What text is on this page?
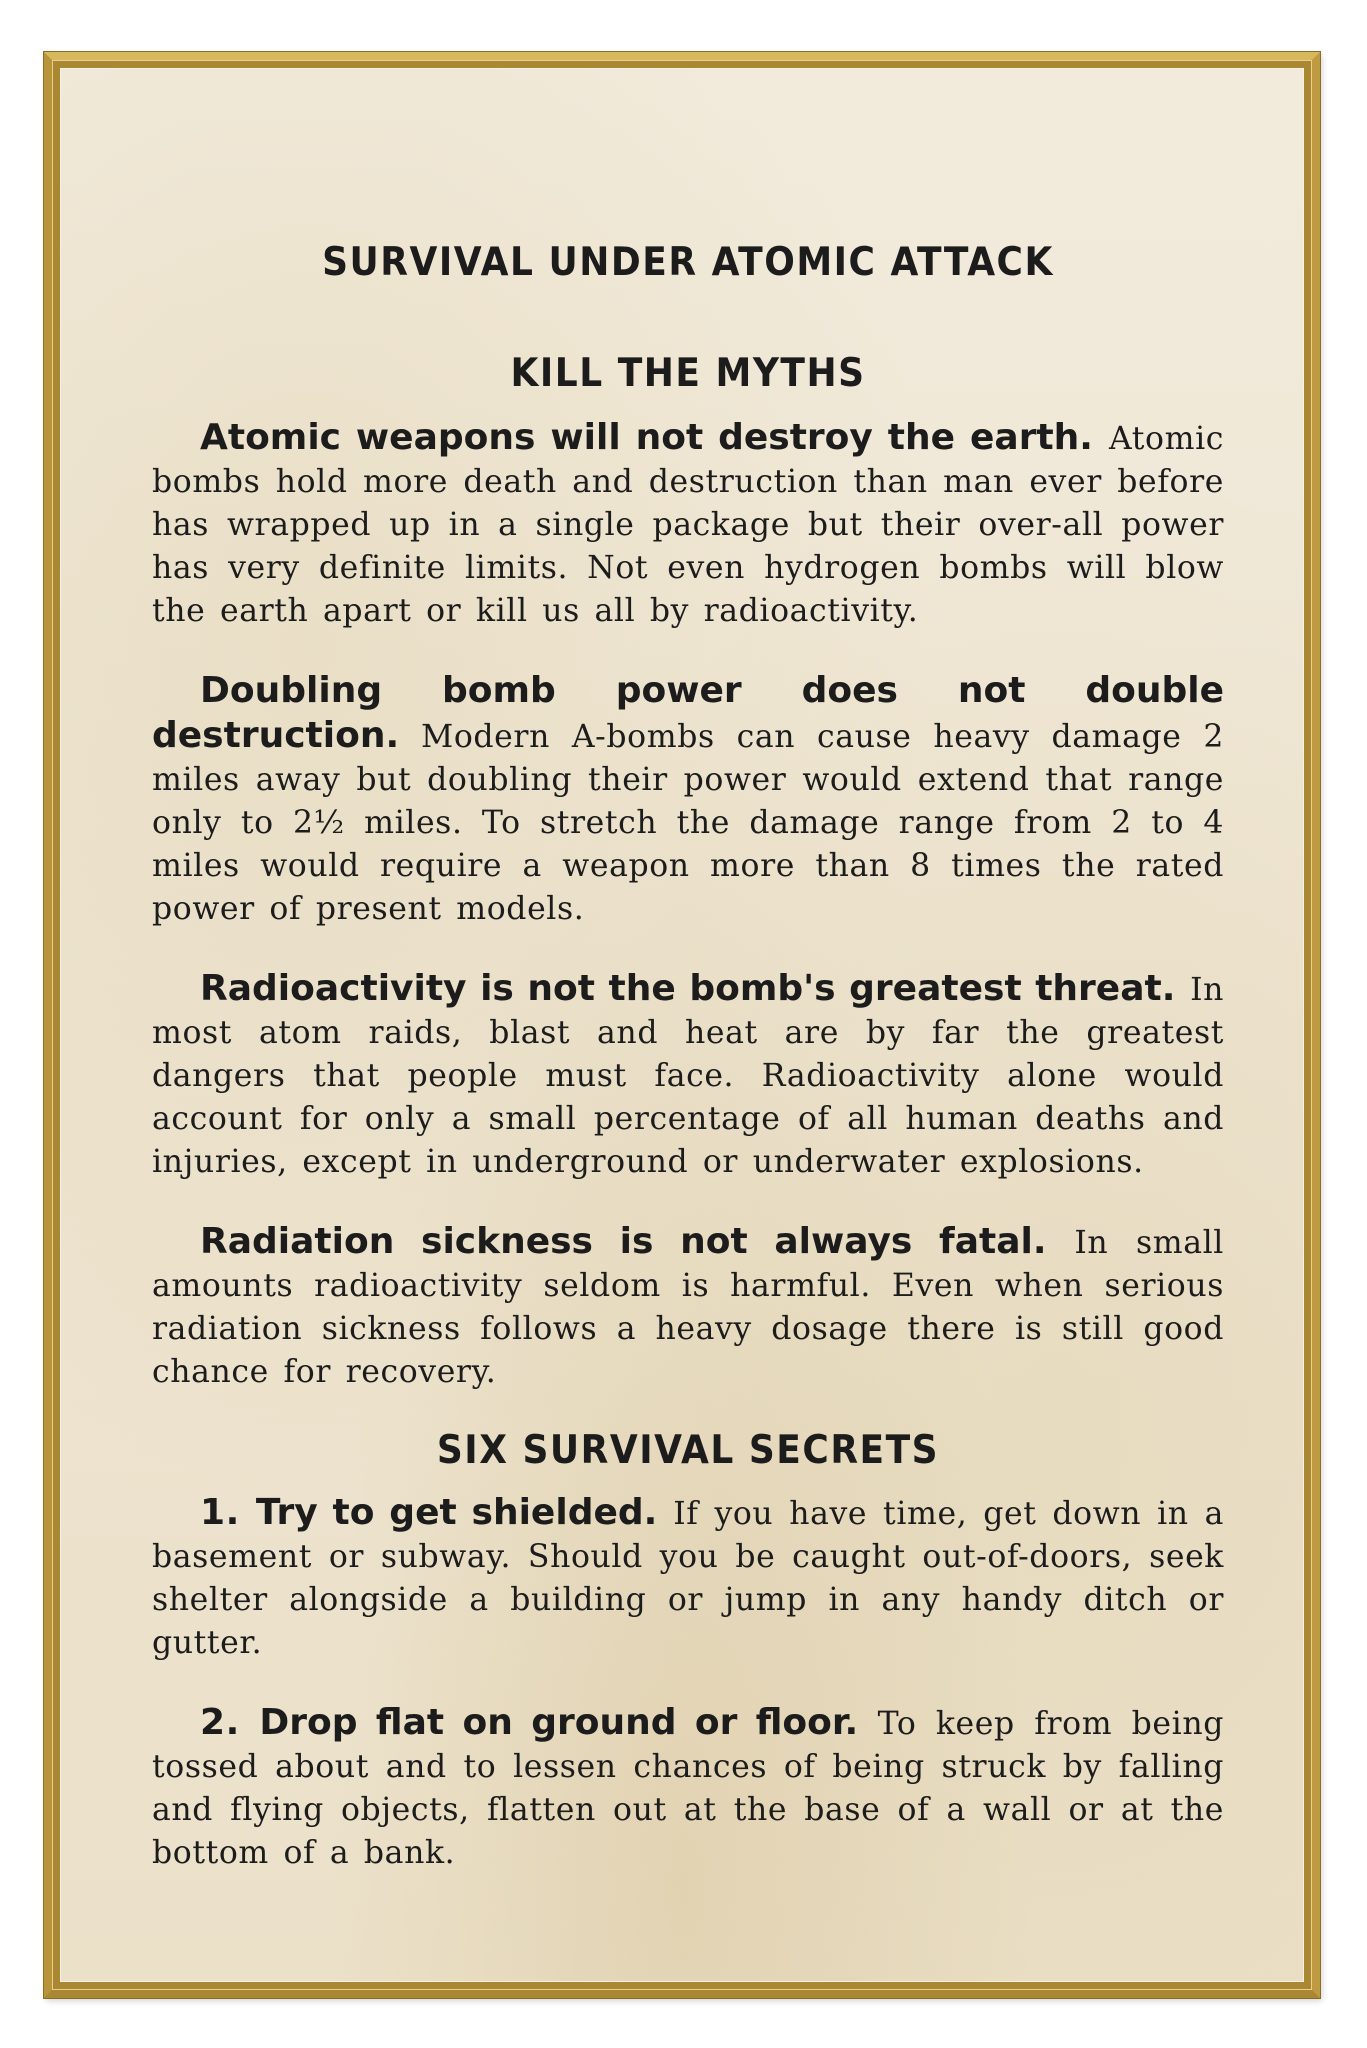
SURVIVAL UNDER ATOMIC ATTACK
KILL THE MYTHS

Atomic weapons will not destroy the earth. Atomic bombs hold more death and destruction than man ever before has wrapped up in a single package but their over-all power has very definite limits. Not even hydrogen bombs will blow the earth apart or kill us all by radioactivity.

Doubling bomb power does not double destruction. Modern A-bombs can cause heavy damage 2 miles away but doubling their power would extend that range only to 2½ miles. To stretch the damage range from 2 to 4 miles would require a weapon more than 8 times the rated power of present models.

Radioactivity is not the bomb's greatest threat. In most atom raids, blast and heat are by far the greatest dangers that people must face. Radioactivity alone would account for only a small percentage of all human deaths and injuries, except in underground or underwater explosions.

Radiation sickness is not always fatal. In small amounts radioactivity seldom is harmful. Even when serious radiation sickness follows a heavy dosage there is still good chance for recovery.

SIX SURVIVAL SECRETS

1. Try to get shielded. If you have time, get down in a basement or subway. Should you be caught out-of-doors, seek shelter alongside a building or jump in any handy ditch or gutter.

2. Drop flat on ground or floor. To keep from being tossed about and to lessen chances of being struck by falling and flying objects, flatten out at the base of a wall or at the bottom of a bank.
